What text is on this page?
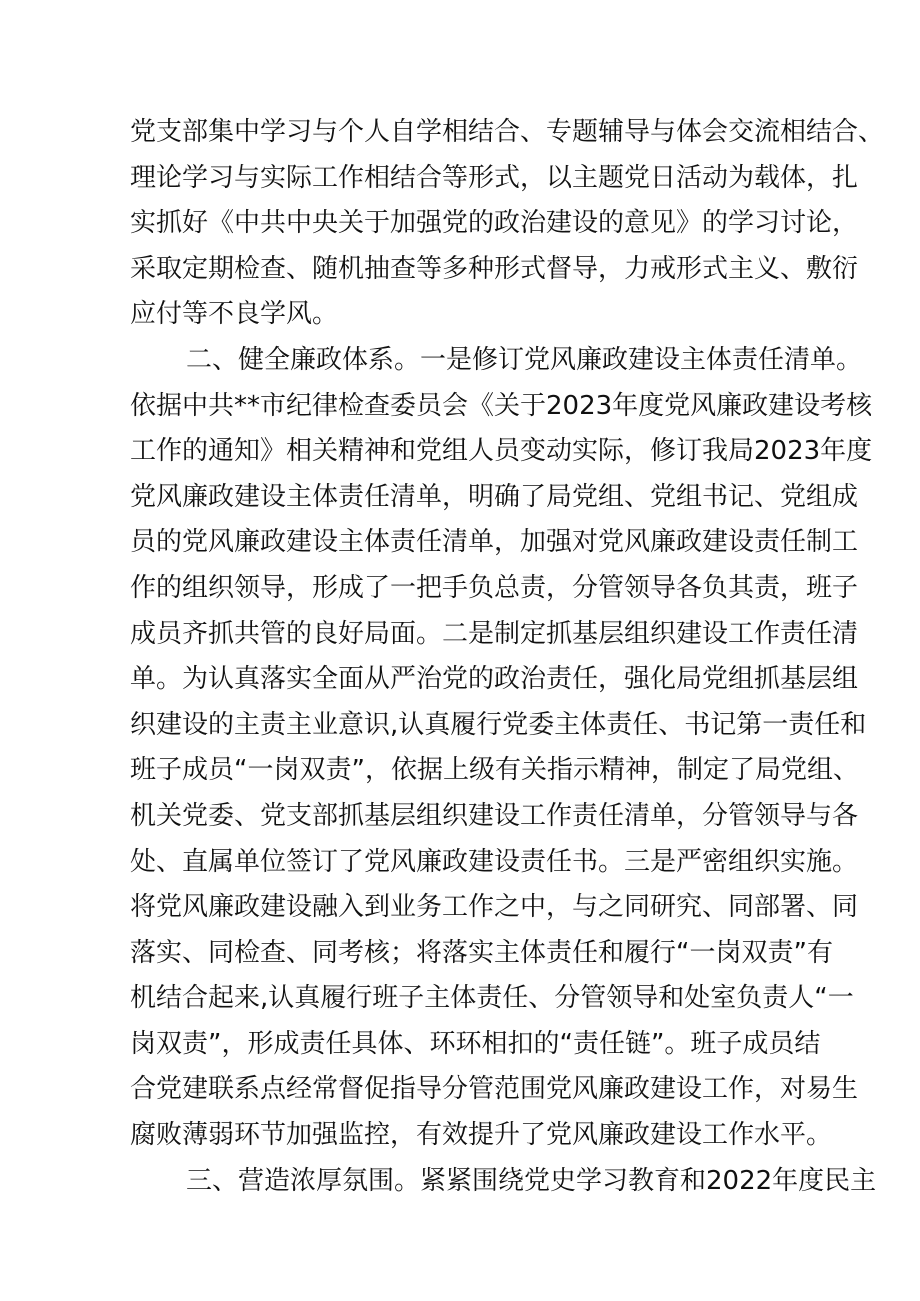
党支部集中学习与个人自学相结合、专题辅导与体会交流相结合、
理论学习与实际工作相结合等形式，以主题党日活动为载体，扎
实抓好《中共中央关于加强党的政治建设的意见》的学习讨论，
采取定期检查、随机抽查等多种形式督导，力戒形式主义、敷衍
应付等不良学风。
二、健全廉政体系。一是修订党风廉政建设主体责任清单。
依据中共**市纪律检查委员会《关于2023年度党风廉政建设考核
工作的通知》相关精神和党组人员变动实际，修订我局2023年度
党风廉政建设主体责任清单，明确了局党组、党组书记、党组成
员的党风廉政建设主体责任清单，加强对党风廉政建设责任制工
作的组织领导，形成了一把手负总责，分管领导各负其责，班子
成员齐抓共管的良好局面。二是制定抓基层组织建设工作责任清
单。为认真落实全面从严治党的政治责任，强化局党组抓基层组
织建设的主责主业意识,认真履行党委主体责任、书记第一责任和
班子成员“一岗双责”，依据上级有关指示精神，制定了局党组、
机关党委、党支部抓基层组织建设工作责任清单，分管领导与各
处、直属单位签订了党风廉政建设责任书。三是严密组织实施。
将党风廉政建设融入到业务工作之中，与之同研究、同部署、同
落实、同检查、同考核；将落实主体责任和履行“一岗双责”有
机结合起来,认真履行班子主体责任、分管领导和处室负责人“一
岗双责”，形成责任具体、环环相扣的“责任链”。班子成员结
合党建联系点经常督促指导分管范围党风廉政建设工作，对易生
腐败薄弱环节加强监控，有效提升了党风廉政建设工作水平。
三、营造浓厚氛围。紧紧围绕党史学习教育和2022年度民主
